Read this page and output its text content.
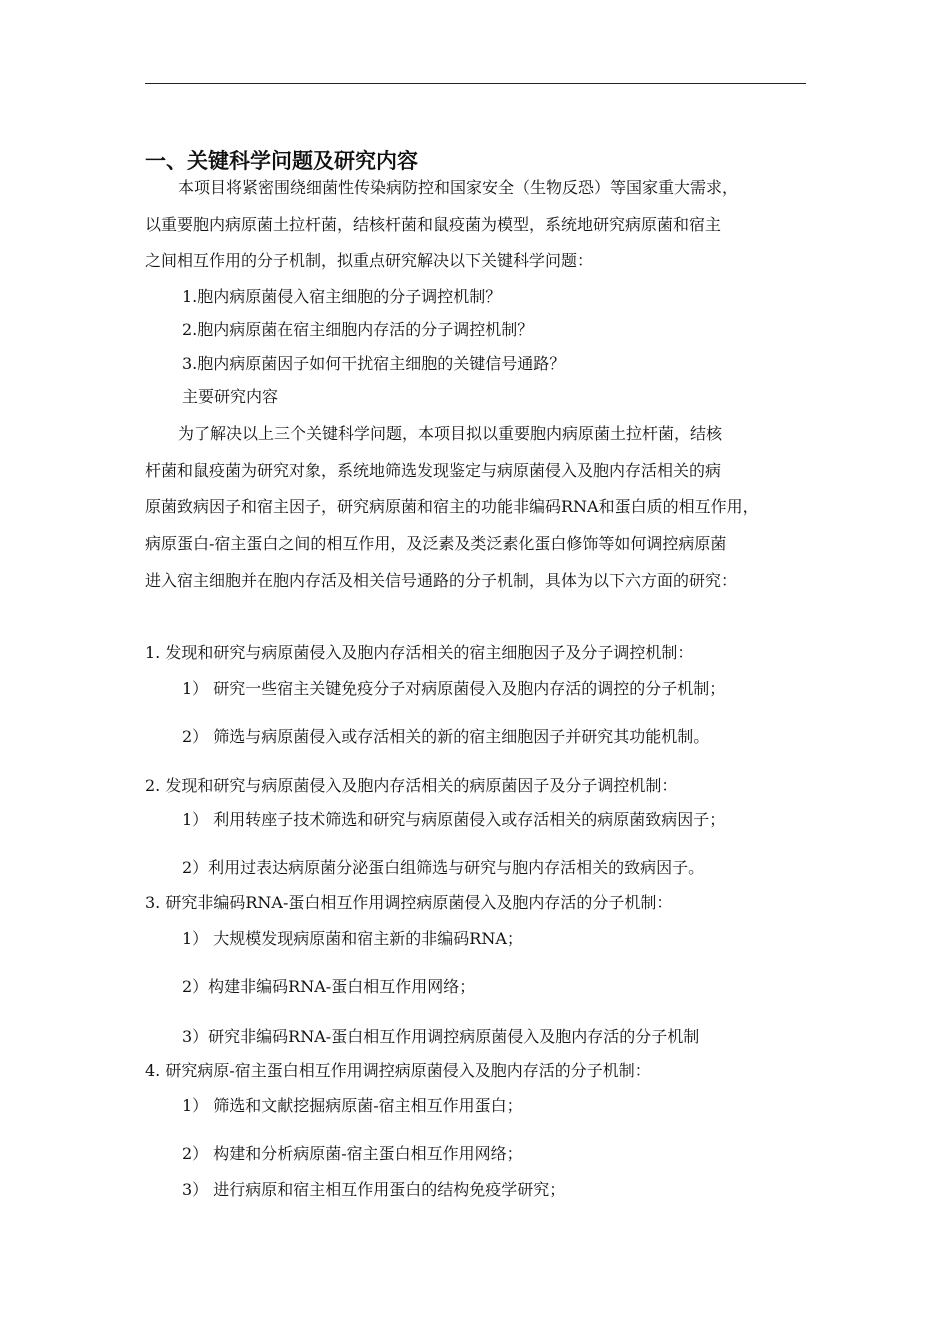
一、关键科学问题及研究内容
本项目将紧密围绕细菌性传染病防控和国家安全（生物反恐）等国家重大需求，
以重要胞内病原菌土拉杆菌，结核杆菌和鼠疫菌为模型，系统地研究病原菌和宿主
之间相互作用的分子机制，拟重点研究解决以下关键科学问题：
1.胞内病原菌侵入宿主细胞的分子调控机制？
2.胞内病原菌在宿主细胞内存活的分子调控机制？
3.胞内病原菌因子如何干扰宿主细胞的关键信号通路？
主要研究内容
为了解决以上三个关键科学问题，本项目拟以重要胞内病原菌土拉杆菌，结核
杆菌和鼠疫菌为研究对象，系统地筛选发现鉴定与病原菌侵入及胞内存活相关的病
原菌致病因子和宿主因子，研究病原菌和宿主的功能非编码RNA和蛋白质的相互作用，
病原蛋白-宿主蛋白之间的相互作用，及泛素及类泛素化蛋白修饰等如何调控病原菌
进入宿主细胞并在胞内存活及相关信号通路的分子机制，具体为以下六方面的研究：
1. 发现和研究与病原菌侵入及胞内存活相关的宿主细胞因子及分子调控机制：
1） 研究一些宿主关键免疫分子对病原菌侵入及胞内存活的调控的分子机制；
2） 筛选与病原菌侵入或存活相关的新的宿主细胞因子并研究其功能机制。
2. 发现和研究与病原菌侵入及胞内存活相关的病原菌因子及分子调控机制：
1） 利用转座子技术筛选和研究与病原菌侵入或存活相关的病原菌致病因子；
2）利用过表达病原菌分泌蛋白组筛选与研究与胞内存活相关的致病因子。
3. 研究非编码RNA-蛋白相互作用调控病原菌侵入及胞内存活的分子机制：
1） 大规模发现病原菌和宿主新的非编码RNA；
2）构建非编码RNA-蛋白相互作用网络；
3）研究非编码RNA-蛋白相互作用调控病原菌侵入及胞内存活的分子机制
4. 研究病原-宿主蛋白相互作用调控病原菌侵入及胞内存活的分子机制：
1） 筛选和文献挖掘病原菌-宿主相互作用蛋白；
2） 构建和分析病原菌-宿主蛋白相互作用网络；
3） 进行病原和宿主相互作用蛋白的结构免疫学研究；
